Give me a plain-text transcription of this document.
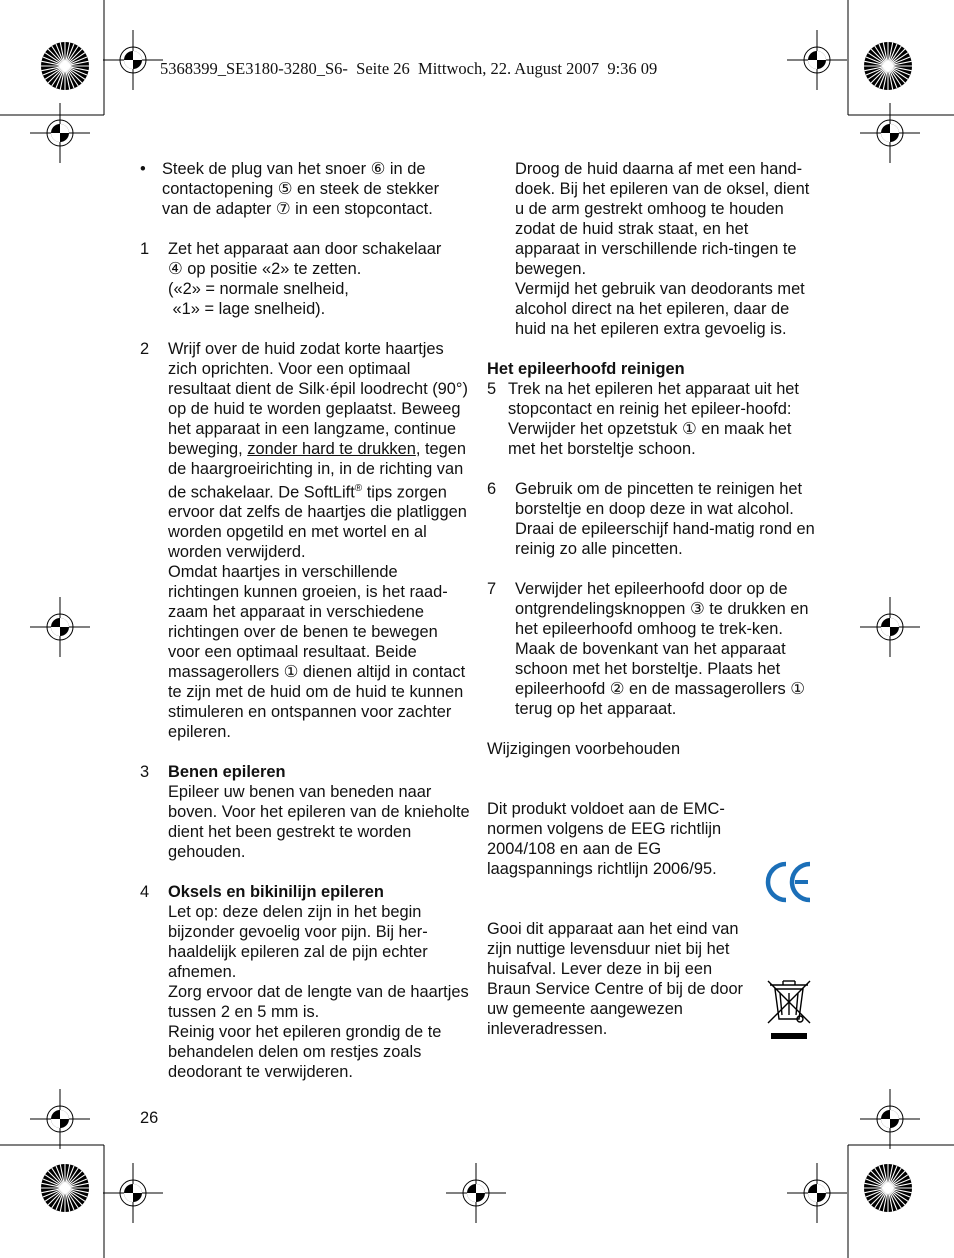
5368399_SE3180-3280_S6-  Seite 26  Mittwoch, 22. August 2007  9:36 09
• Steek de plug van het snoer ⑥ in de contactopening ⑤ en steek de stekker van de adapter ⑦ in een stopcontact.

1 Zet het apparaat aan door schakelaar

④ op positie «2» te zetten.

(«2» = normale snelheid,

«1» = lage snelheid).

2 Wrijf over de huid zodat korte haartjes zich oprichten. Voor een optimaal resultaat dient de Silk·épil loodrecht (90°) op de huid te worden geplaatst. Beweeg het apparaat in een langzame, continue beweging, zonder hard te drukken, tegen de haargroeirichting in, in de richting van de schakelaar. De SoftLift® tips zorgen ervoor dat zelfs de haartjes die platliggen worden opgetild en met wortel en al worden verwijderd.

Omdat haartjes in verschillende richtingen kunnen groeien, is het raad-zaam het apparaat in verschiedene richtingen over de benen te bewegen voor een optimaal resultaat. Beide massagerollers ① dienen altijd in contact te zijn met de huid om de huid te kunnen stimuleren en ontspannen voor zachter epileren.

3 Benen epileren

Epileer uw benen van beneden naar boven. Voor het epileren van de knieholte dient het been gestrekt te worden gehouden.

4 Oksels en bikinilijn epileren

Let op: deze delen zijn in het begin bijzonder gevoelig voor pijn. Bij her-haaldelijk epileren zal de pijn echter afnemen.

Zorg ervoor dat de lengte van de haartjes tussen 2 en 5 mm is.

Reinig voor het epileren grondig de te behandelen delen om restjes zoals deodorant te verwijderen.

Droog de huid daarna af met een hand-doek. Bij het epileren van de oksel, dient u de arm gestrekt omhoog te houden zodat de huid strak staat, en het apparaat in verschillende rich-tingen te bewegen.

Vermijd het gebruik van deodorants met alcohol direct na het epileren, daar de huid na het epileren extra gevoelig is.

Het epileerhoofd reinigen

5 Trek na het epileren het apparaat uit het stopcontact en reinig het epileer-hoofd:

Verwijder het opzetstuk ① en maak het met het borsteltje schoon.

6 Gebruik om de pincetten te reinigen het borsteltje en doop deze in wat alcohol. Draai de epileerschijf hand-matig rond en reinig zo alle pincetten.

7 Verwijder het epileerhoofd door op de ontgrendelingsknoppen ③ te drukken en het epileerhoofd omhoog te trek-ken.

Maak de bovenkant van het apparaat schoon met het borsteltje. Plaats het epileerhoofd ② en de massagerollers ① terug op het apparaat.

Wijzigingen voorbehouden

Dit produkt voldoet aan de EMC-normen volgens de EEG richtlijn 2004/108 en aan de EG laagspannings richtlijn 2006/95.

Gooi dit apparaat aan het eind van zijn nuttige levensduur niet bij het huisafval. Lever deze in bij een Braun Service Centre of bij de door uw gemeente aangewezen inleveradressen.

26
